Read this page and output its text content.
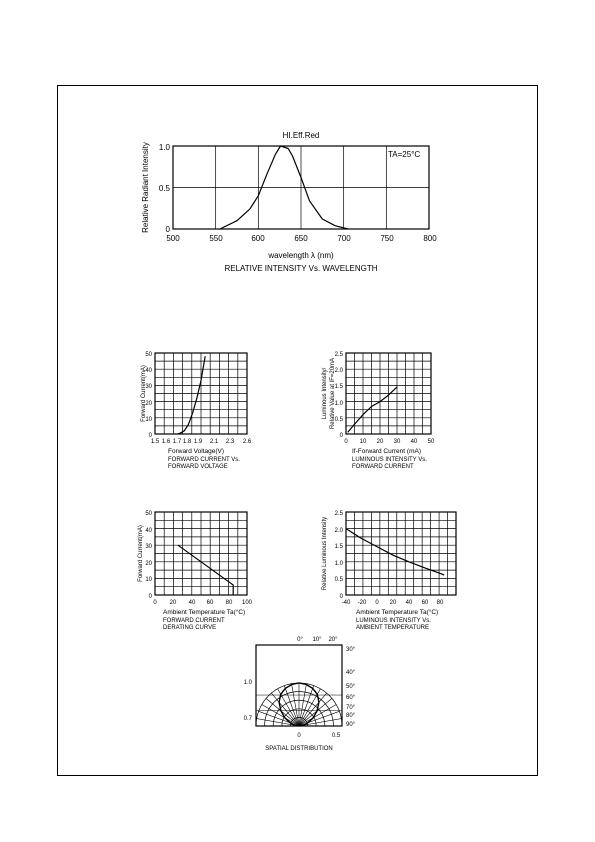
500	550	600	650	700	750	800
0
0.5
1.0
wavelength λ (nm)
Relative Radiant Intensity
RELATIVE INTENSITY Vs. WAVELENGTH
HI.Eff.Red
TA=25°C
1.5 1.6 1.7 1.8 1.9 2.1 2.3 2.6
0
10
20
30
40
50
Forward Voltage(V)
Forward Current(mA)
FORWARD CURRENT Vs.
FORWARD VOLTAGE
0 10 20 30 40 50
0
0.5
1.0
1.5
2.0
2.5
If-Forward Current (mA)
Luminous Intensity/ Relative Value at IF=20mA
LUMINOUS INTENSITY Vs.
FORWARD CURRENT
0 20 40 60 80 100
0
10
20
30
40
50
Ambient Temperature Ta(°C)
Forward Current(mA)
FORWARD CURRENT
DERATING CURVE
-40 -20 0 20 40 60 80
0
0.5
1.0
1.5
2.0
2.5
Ambient Temperature Ta(°C)
Relative Luminous Intensity
LUMINOUS INTENSITY Vs.
AMBIENT TEMPERATURE
0° 10° 20°
30°
40°
50°
60°
70°
80°
90°
1.0
0.7
0	0.5
SPATIAL DISTRIBUTION
